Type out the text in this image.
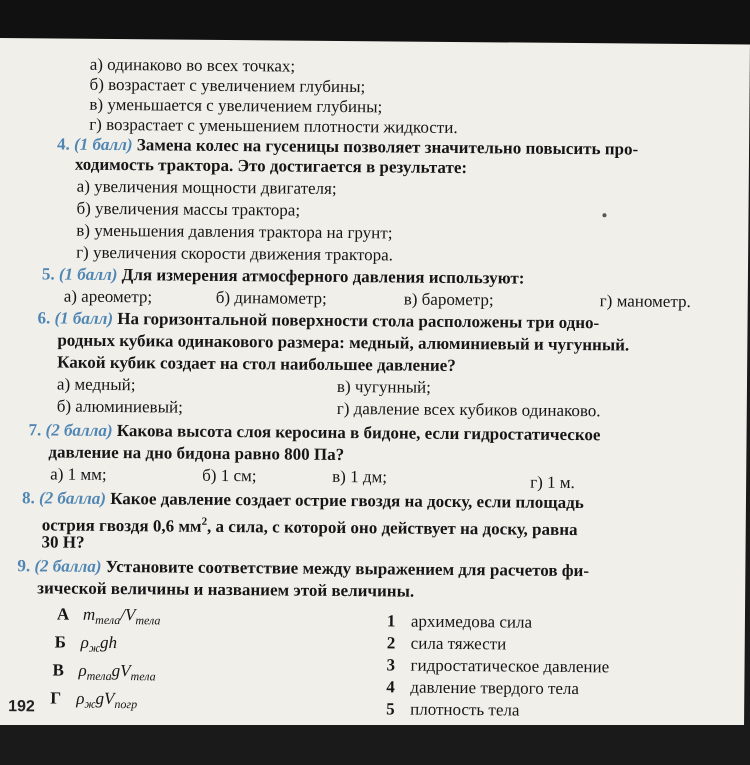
а) одинаково во всех точках;
б) возрастает с увеличением глубины;
в) уменьшается с увеличением глубины;
г) возрастает с уменьшением плотности жидкости.
4. (1 балл) Замена колес на гусеницы позволяет значительно повысить про-
ходимость трактора. Это достигается в результате:
а) увеличения мощности двигателя;
б) увеличения массы трактора;
в) уменьшения давления трактора на грунт;
г) увеличения скорости движения трактора.
5. (1 балл) Для измерения атмосферного давления используют:
а) ареометр;	б) динамометр;	в) барометр;	г) манометр.
6. (1 балл) На горизонтальной поверхности стола расположены три одно-
родных кубика одинакового размера: медный, алюминиевый и чугунный.
Какой кубик создает на стол наибольшее давление?
а) медный;	в) чугунный;
б) алюминиевый;	г) давление всех кубиков одинаково.
7. (2 балла) Какова высота слоя керосина в бидоне, если гидростатическое
давление на дно бидона равно 800 Па?
а) 1 мм;	б) 1 см;	в) 1 дм;	г) 1 м.
8. (2 балла) Какое давление создает острие гвоздя на доску, если площадь
острия гвоздя 0,6 $мм^2$, а сила, с которой оно действует на доску, равна
30 Н?
9. (2 балла) Установите соответствие между выражением для расчетов фи-
зической величины и названием этой величины.
А $m_{тела}/V_{тела}$
Б $\rho_жgh$
В $\rho_{тела}gV_{тела}$
Г $\rho_жgV_{погр}$
1 архимедова сила
2 сила тяжести
3 гидростатическое давление
4 давление твердого тела
5 плотность тела
192
